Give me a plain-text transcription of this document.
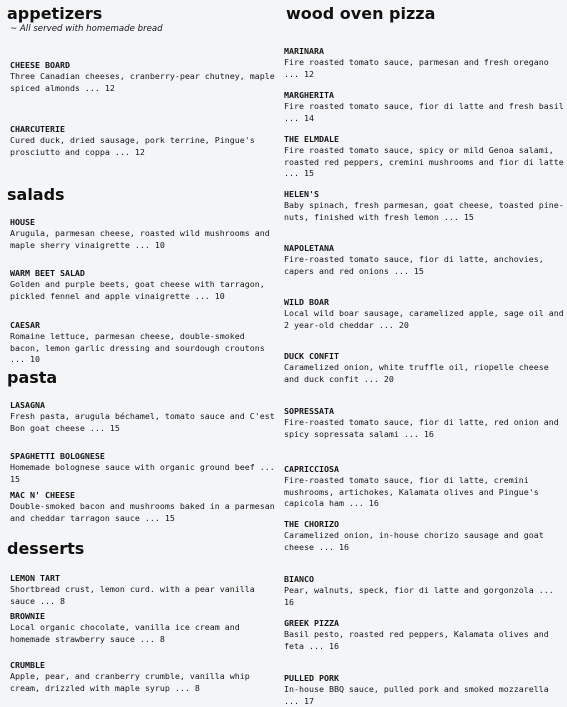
appetizers
~ All served with homemade bread
CHEESE BOARD
Three Canadian cheeses, cranberry-pear chutney, maple spiced almonds ... 12
CHARCUTERIE
Cured duck, dried sausage, pork terrine, Pingue's prosciutto and coppa ... 12
salads
HOUSE
Arugula, parmesan cheese, roasted wild mushrooms and maple sherry vinaigrette ... 10
WARM BEET SALAD
Golden and purple beets, goat cheese with tarragon, pickled fennel and apple vinaigrette ... 10
CAESAR
Romaine lettuce, parmesan cheese, double-smoked bacon, lemon garlic dressing and sourdough croutons ... 10
pasta
LASAGNA
Fresh pasta, arugula béchamel, tomato sauce and C'est Bon goat cheese ... 15
SPAGHETTI BOLOGNESE
Homemade bolognese sauce with organic ground beef ... 15
MAC N' CHEESE
Double-smoked bacon and mushrooms baked in a parmesan and cheddar tarragon sauce ... 15
desserts
LEMON TART
Shortbread crust, lemon curd. with a pear vanilla sauce ... 8
BROWNIE
Local organic chocolate, vanilla ice cream and homemade strawberry sauce ... 8
CRUMBLE
Apple, pear, and cranberry crumble, vanilla whip cream, drizzled with maple syrup ... 8
wood oven pizza
MARINARA
Fire roasted tomato sauce, parmesan and fresh oregano ... 12
MARGHERITA
Fire roasted tomato sauce, fior di latte and fresh basil ... 14
THE ELMDALE
Fire roasted tomato sauce, spicy or mild Genoa salami, roasted red peppers, cremini mushrooms and fior di latte ... 15
HELEN'S
Baby spinach, fresh parmesan, goat cheese, toasted pine-nuts, finished with fresh lemon ... 15
NAPOLETANA
Fire-roasted tomato sauce, fior di latte, anchovies, capers and red onions ... 15
WILD BOAR
Local wild boar sausage, caramelized apple, sage oil and 2 year-old cheddar ... 20
DUCK CONFIT
Caramelized onion, white truffle oil, riopelle cheese and duck confit ... 20
SOPRESSATA
Fire-roasted tomato sauce, fior di latte, red onion and spicy sopressata salami ... 16
CAPRICCIOSA
Fire-roasted tomato sauce, fior di latte, cremini mushrooms, artichokes, Kalamata olives and Pingue's capicola ham ... 16
THE CHORIZO
Caramelized onion, in-house chorizo sausage and goat cheese ... 16
BIANCO
Pear, walnuts, speck, fior di latte and gorgonzola ... 16
GREEK PIZZA
Basil pesto, roasted red peppers, Kalamata olives and feta ... 16
PULLED PORK
In-house BBQ sauce, pulled pork and smoked mozzarella ... 17
